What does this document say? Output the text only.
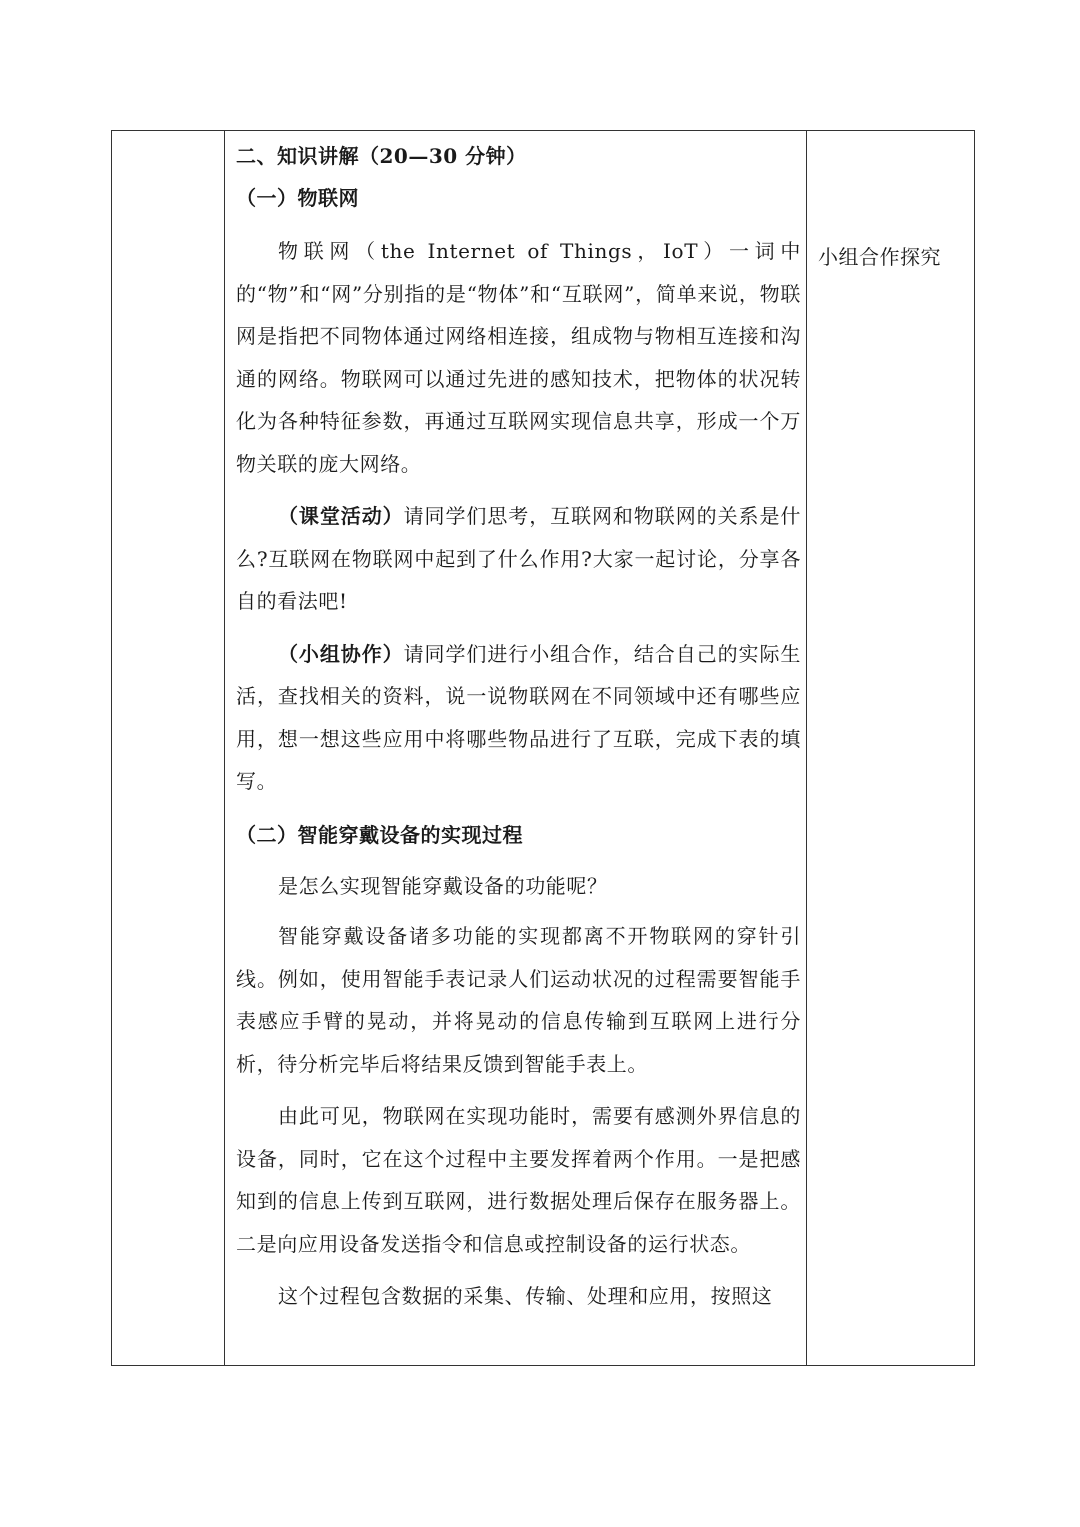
二、知识讲解（20—30 分钟）
（一）物联网

物联网（the Internet of Things，IoT）一词中的“物”和“网”分别指的是“物体”和“互联网”，简单来说，物联网是指把不同物体通过网络相连接，组成物与物相互连接和沟通的网络。物联网可以通过先进的感知技术，把物体的状况转化为各种特征参数，再通过互联网实现信息共享，形成一个万物关联的庞大网络。

（课堂活动）请同学们思考，互联网和物联网的关系是什么?互联网在物联网中起到了什么作用?大家一起讨论，分享各自的看法吧!

（小组协作）请同学们进行小组合作，结合自己的实际生活，查找相关的资料，说一说物联网在不同领域中还有哪些应用，想一想这些应用中将哪些物品进行了互联，完成下表的填写。

（二）智能穿戴设备的实现过程

是怎么实现智能穿戴设备的功能呢？

智能穿戴设备诸多功能的实现都离不开物联网的穿针引线。例如，使用智能手表记录人们运动状况的过程需要智能手表感应手臂的晃动，并将晃动的信息传输到互联网上进行分析，待分析完毕后将结果反馈到智能手表上。

由此可见，物联网在实现功能时，需要有感测外界信息的设备，同时，它在这个过程中主要发挥着两个作用。一是把感知到的信息上传到互联网，进行数据处理后保存在服务器上。二是向应用设备发送指令和信息或控制设备的运行状态。

这个过程包含数据的采集、传输、处理和应用，按照这

小组合作探究
